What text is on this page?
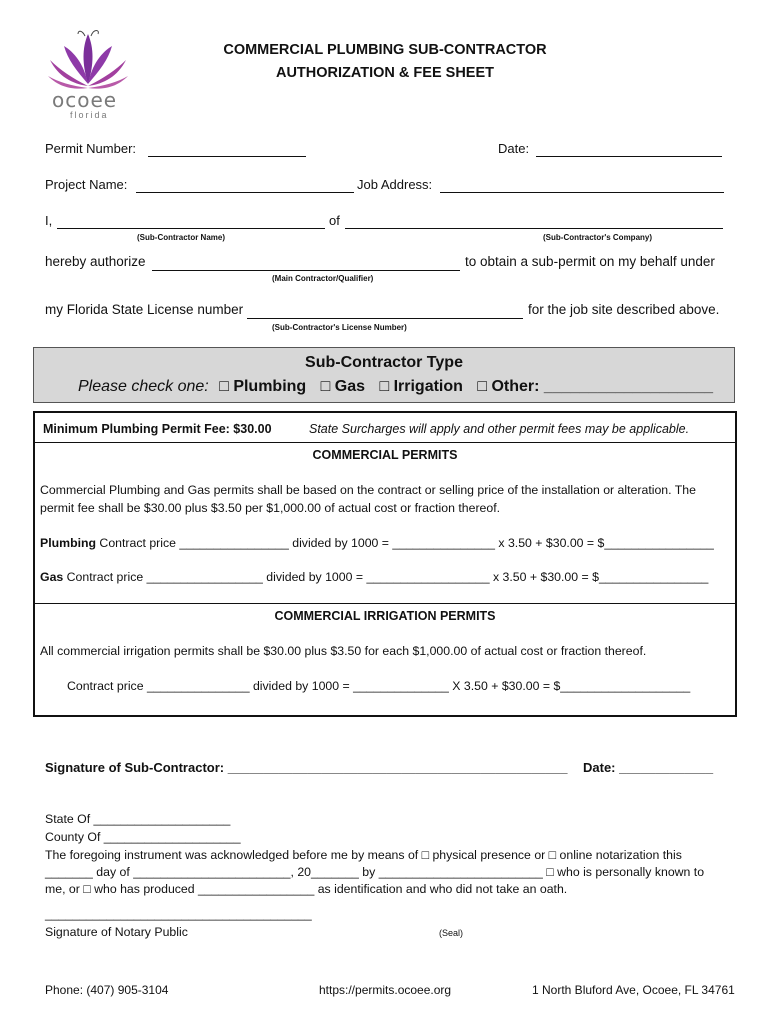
ocoee
florida
COMMERCIAL PLUMBING SUB-CONTRACTOR
AUTHORIZATION & FEE SHEET
Permit Number:	Date:
Project Name:	Job Address:
I,	of
(Sub-Contractor Name)	(Sub-Contractor's Company)
hereby authorize	to obtain a sub-permit on my behalf under
(Main Contractor/Qualifier)
my Florida State License number	for the job site described above.
(Sub-Contractor's License Number)
Sub-Contractor Type
Please check one: □ Plumbing □ Gas □ Irrigation □ Other: ___________________
Minimum Plumbing Permit Fee: $30.00	State Surcharges will apply and other permit fees may be applicable.
COMMERCIAL PERMITS
Commercial Plumbing and Gas permits shall be based on the contract or selling price of the installation or alteration. The
permit fee shall be $30.00 plus $3.50 per $1,000.00 of actual cost or fraction thereof.
Plumbing Contract price ________________ divided by 1000 = _______________ x 3.50 + $30.00 = $________________
Gas Contract price _________________ divided by 1000 = __________________ x 3.50 + $30.00 = $________________
COMMERCIAL IRRIGATION PERMITS
All commercial irrigation permits shall be $30.00 plus $3.50 for each $1,000.00 of actual cost or fraction thereof.
Contract price _______________ divided by 1000 = ______________ X 3.50 + $30.00 = $___________________
Signature of Sub-Contractor: _______________________________________________ Date: _____________
State Of ____________________
County Of ____________________
The foregoing instrument was acknowledged before me by means of □ physical presence or □ online notarization this
_______ day of _______________________, 20_______ by ________________________ □ who is personally known to
me, or □ who has produced _________________ as identification and who did not take an oath.
_______________________________________
Signature of Notary Public	(Seal)
Phone: (407) 905-3104	https://permits.ocoee.org	1 North Bluford Ave, Ocoee, FL 34761
